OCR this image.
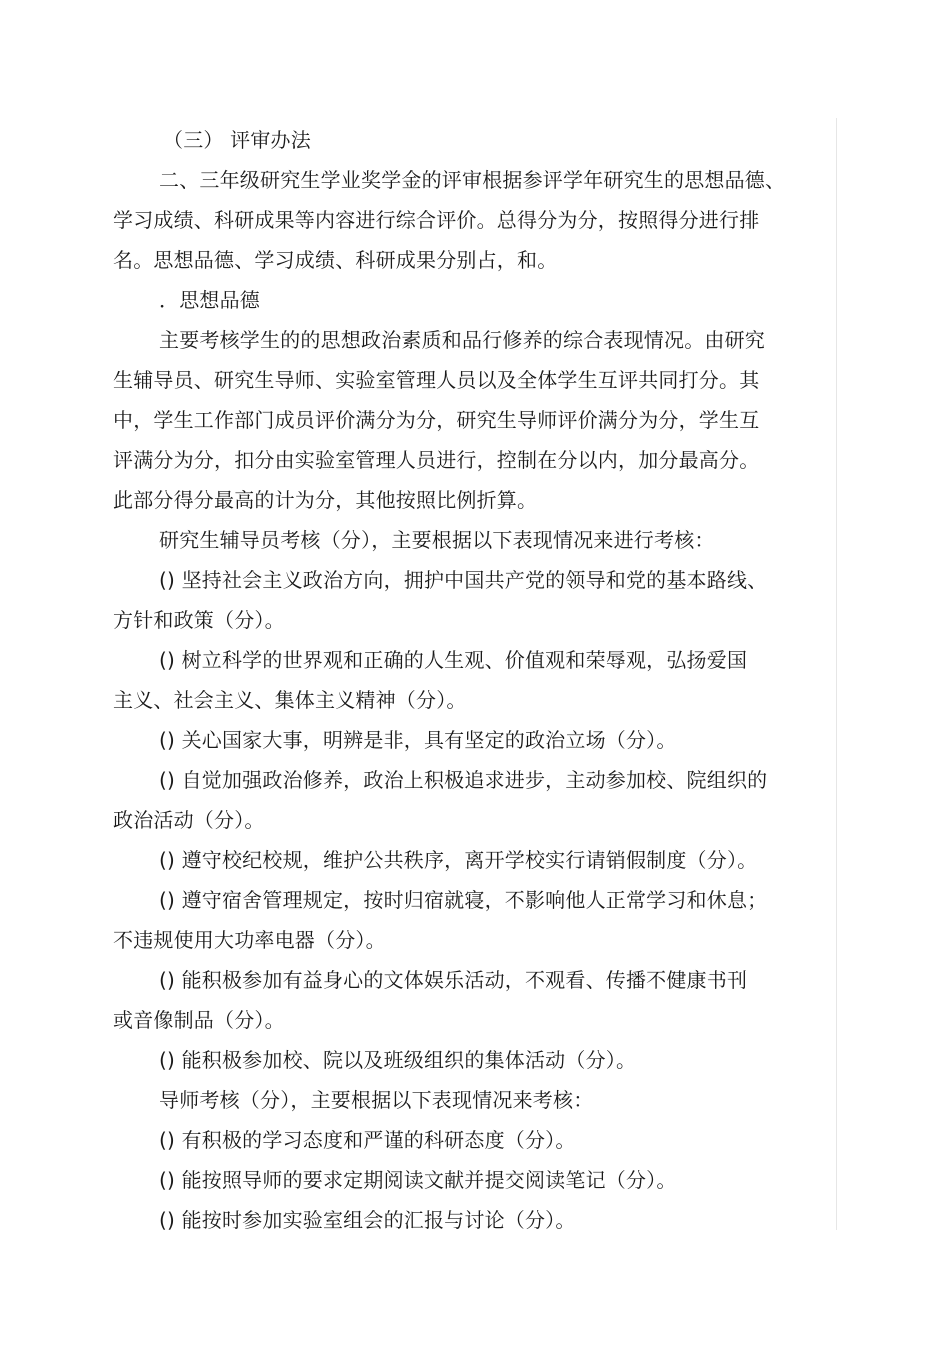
（三） 评审办法
二、三年级研究生学业奖学金的评审根据参评学年研究生的思想品德、
学习成绩、科研成果等内容进行综合评价。总得分为分，按照得分进行排
名。思想品德、学习成绩、科研成果分别占，和。
．思想品德
主要考核学生的的思想政治素质和品行修养的综合表现情况。由研究
生辅导员、研究生导师、实验室管理人员以及全体学生互评共同打分。其
中，学生工作部门成员评价满分为分，研究生导师评价满分为分，学生互
评满分为分，扣分由实验室管理人员进行，控制在分以内，加分最高分。
此部分得分最高的计为分，其他按照比例折算。
研究生辅导员考核（分），主要根据以下表现情况来进行考核：
() 坚持社会主义政治方向，拥护中国共产党的领导和党的基本路线、
方针和政策（分）。
() 树立科学的世界观和正确的人生观、价值观和荣辱观，弘扬爱国
主义、社会主义、集体主义精神（分）。
() 关心国家大事，明辨是非，具有坚定的政治立场（分）。
() 自觉加强政治修养，政治上积极追求进步，主动参加校、院组织的
政治活动（分）。
() 遵守校纪校规，维护公共秩序，离开学校实行请销假制度（分）。
() 遵守宿舍管理规定，按时归宿就寝，不影响他人正常学习和休息；
不违规使用大功率电器（分）。
() 能积极参加有益身心的文体娱乐活动，不观看、传播不健康书刊
或音像制品（分）。
() 能积极参加校、院以及班级组织的集体活动（分）。
导师考核（分），主要根据以下表现情况来考核：
() 有积极的学习态度和严谨的科研态度（分）。
() 能按照导师的要求定期阅读文献并提交阅读笔记（分）。
() 能按时参加实验室组会的汇报与讨论（分）。
